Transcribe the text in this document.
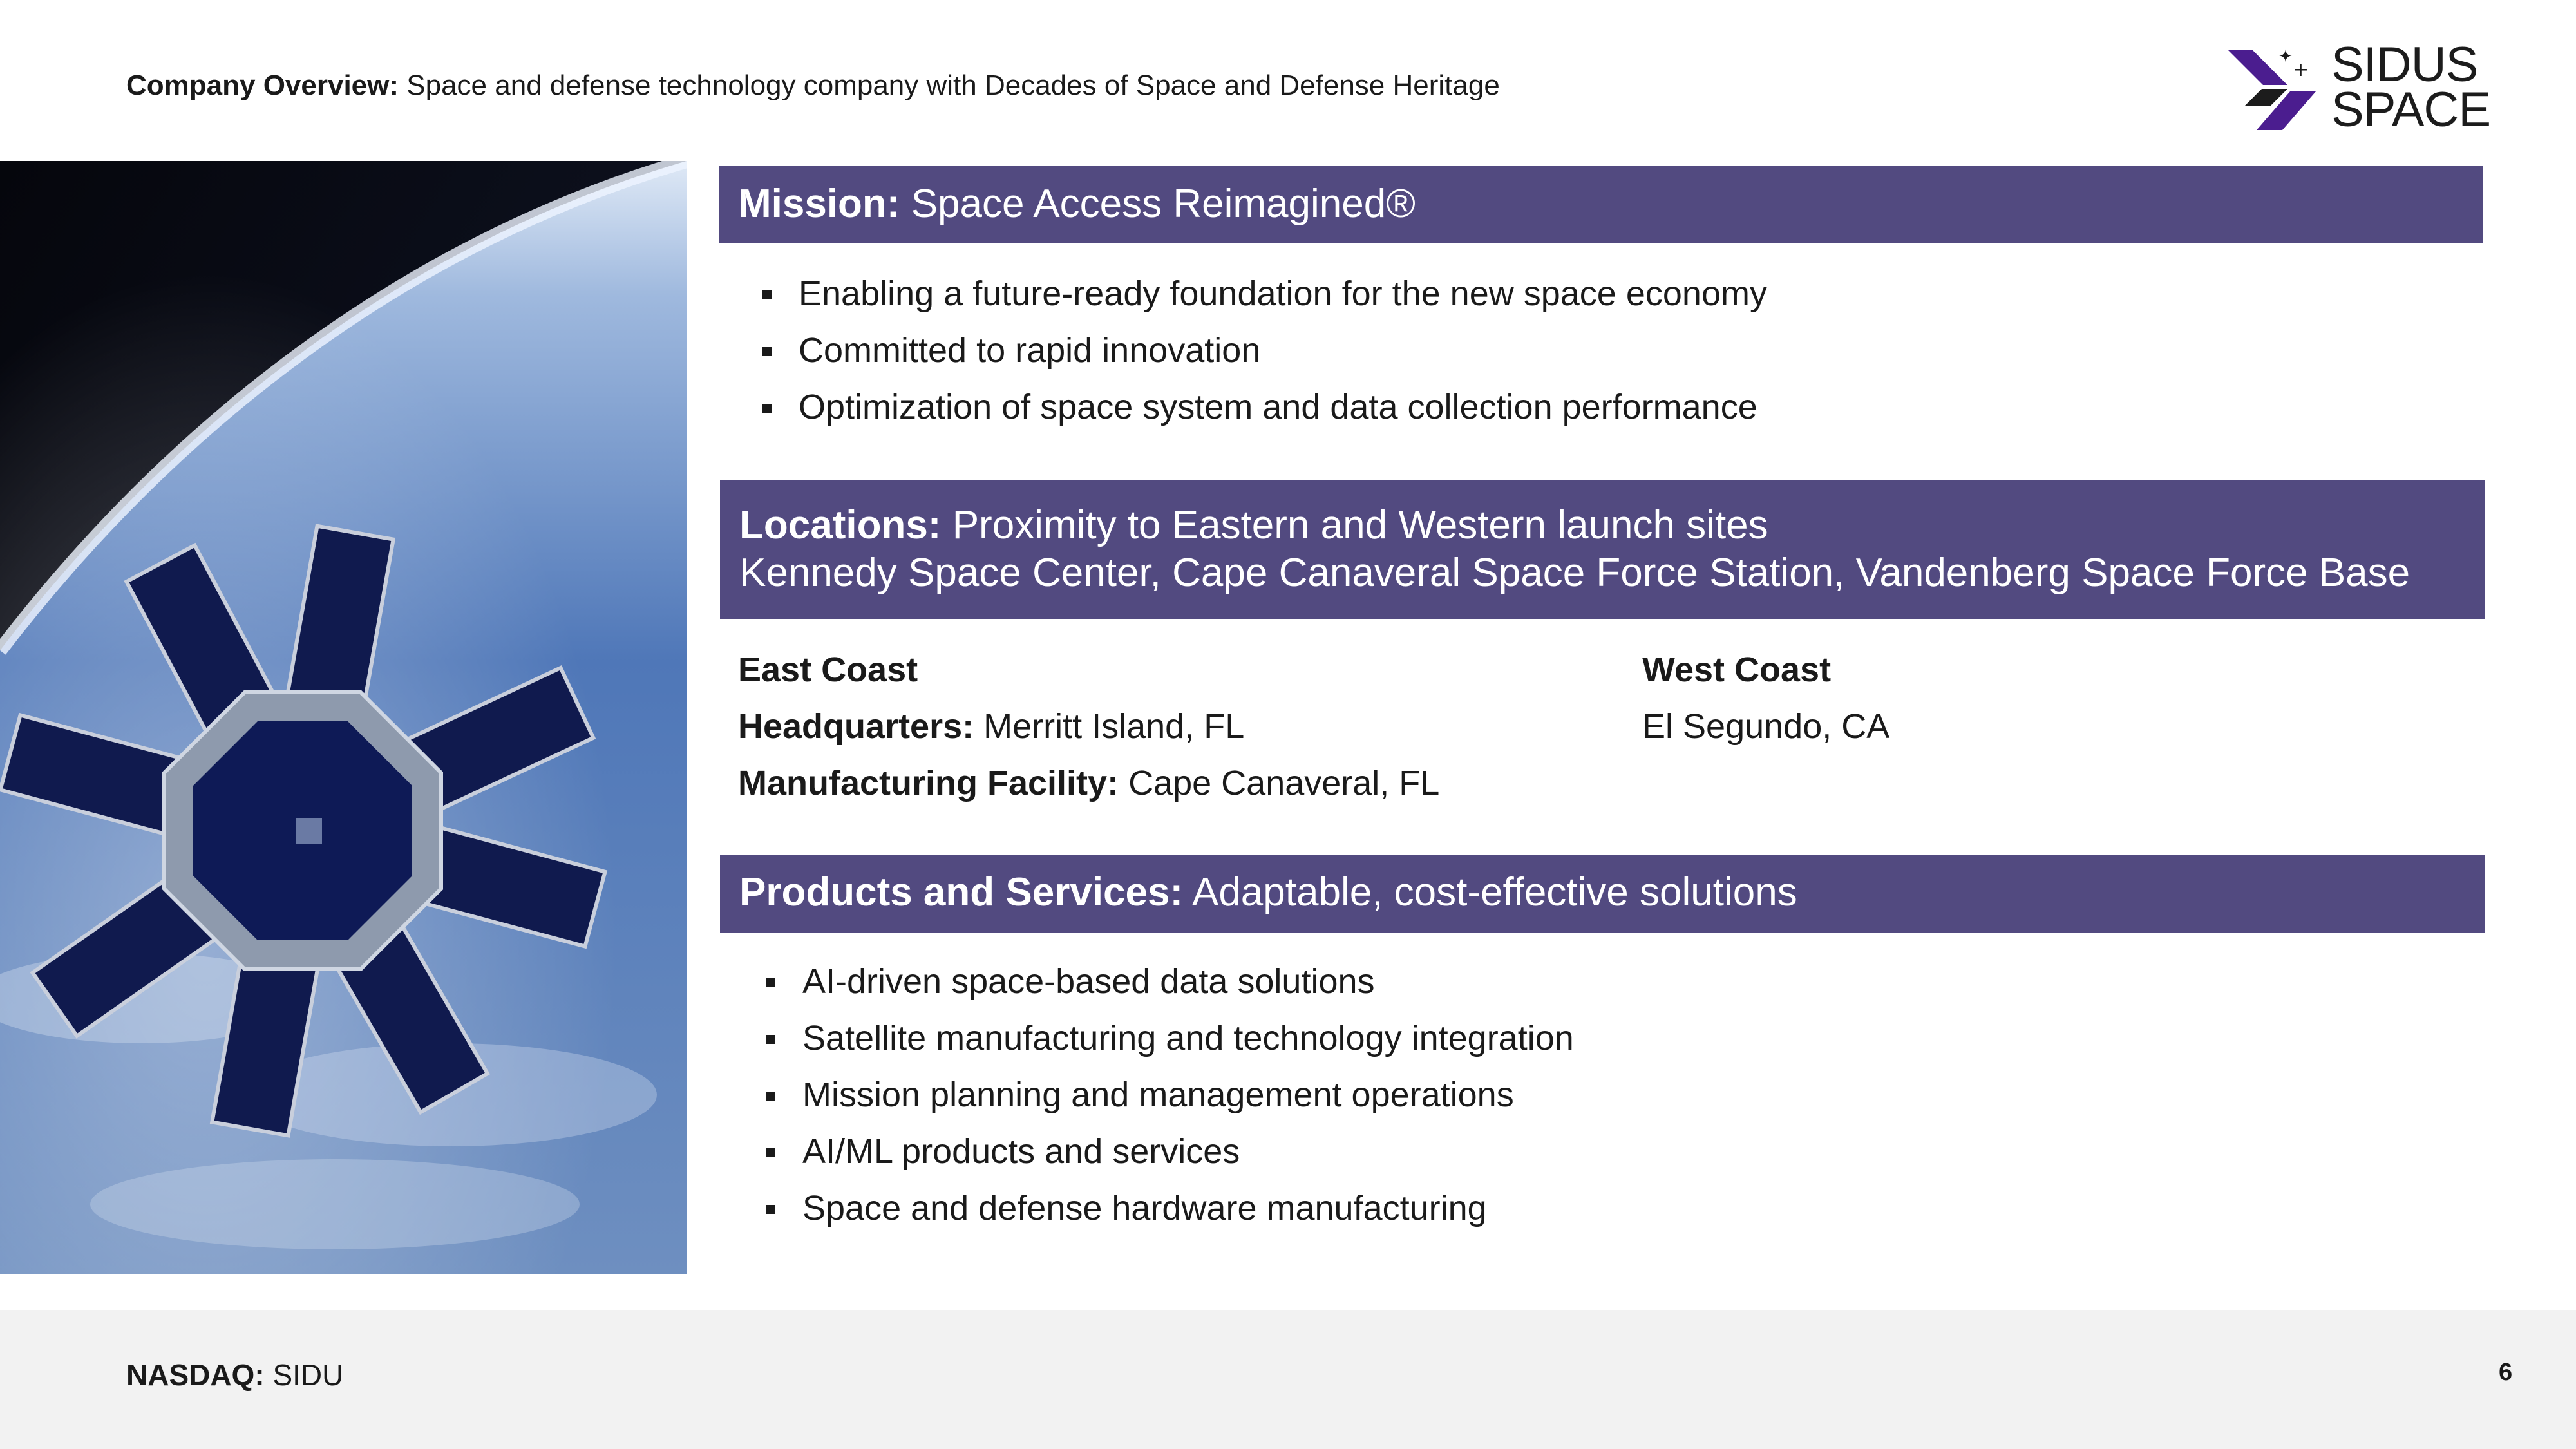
Company Overview: Space and defense technology company with Decades of Space and Defense Heritage
✦
+ SIDUS
SPACE
Mission: Space Access Reimagined®
Enabling a future-ready foundation for the new space economy
Committed to rapid innovation
Optimization of space system and data collection performance
Locations: Proximity to Eastern and Western launch sites
Kennedy Space Center, Cape Canaveral Space Force Station, Vandenberg Space Force Base
East Coast
Headquarters: Merritt Island, FL
Manufacturing Facility: Cape Canaveral, FL
West Coast
El Segundo, CA
Products and Services: Adaptable, cost-effective solutions
AI-driven space-based data solutions
Satellite manufacturing and technology integration
Mission planning and management operations
AI/ML products and services
Space and defense hardware manufacturing
NASDAQ: SIDU	6
